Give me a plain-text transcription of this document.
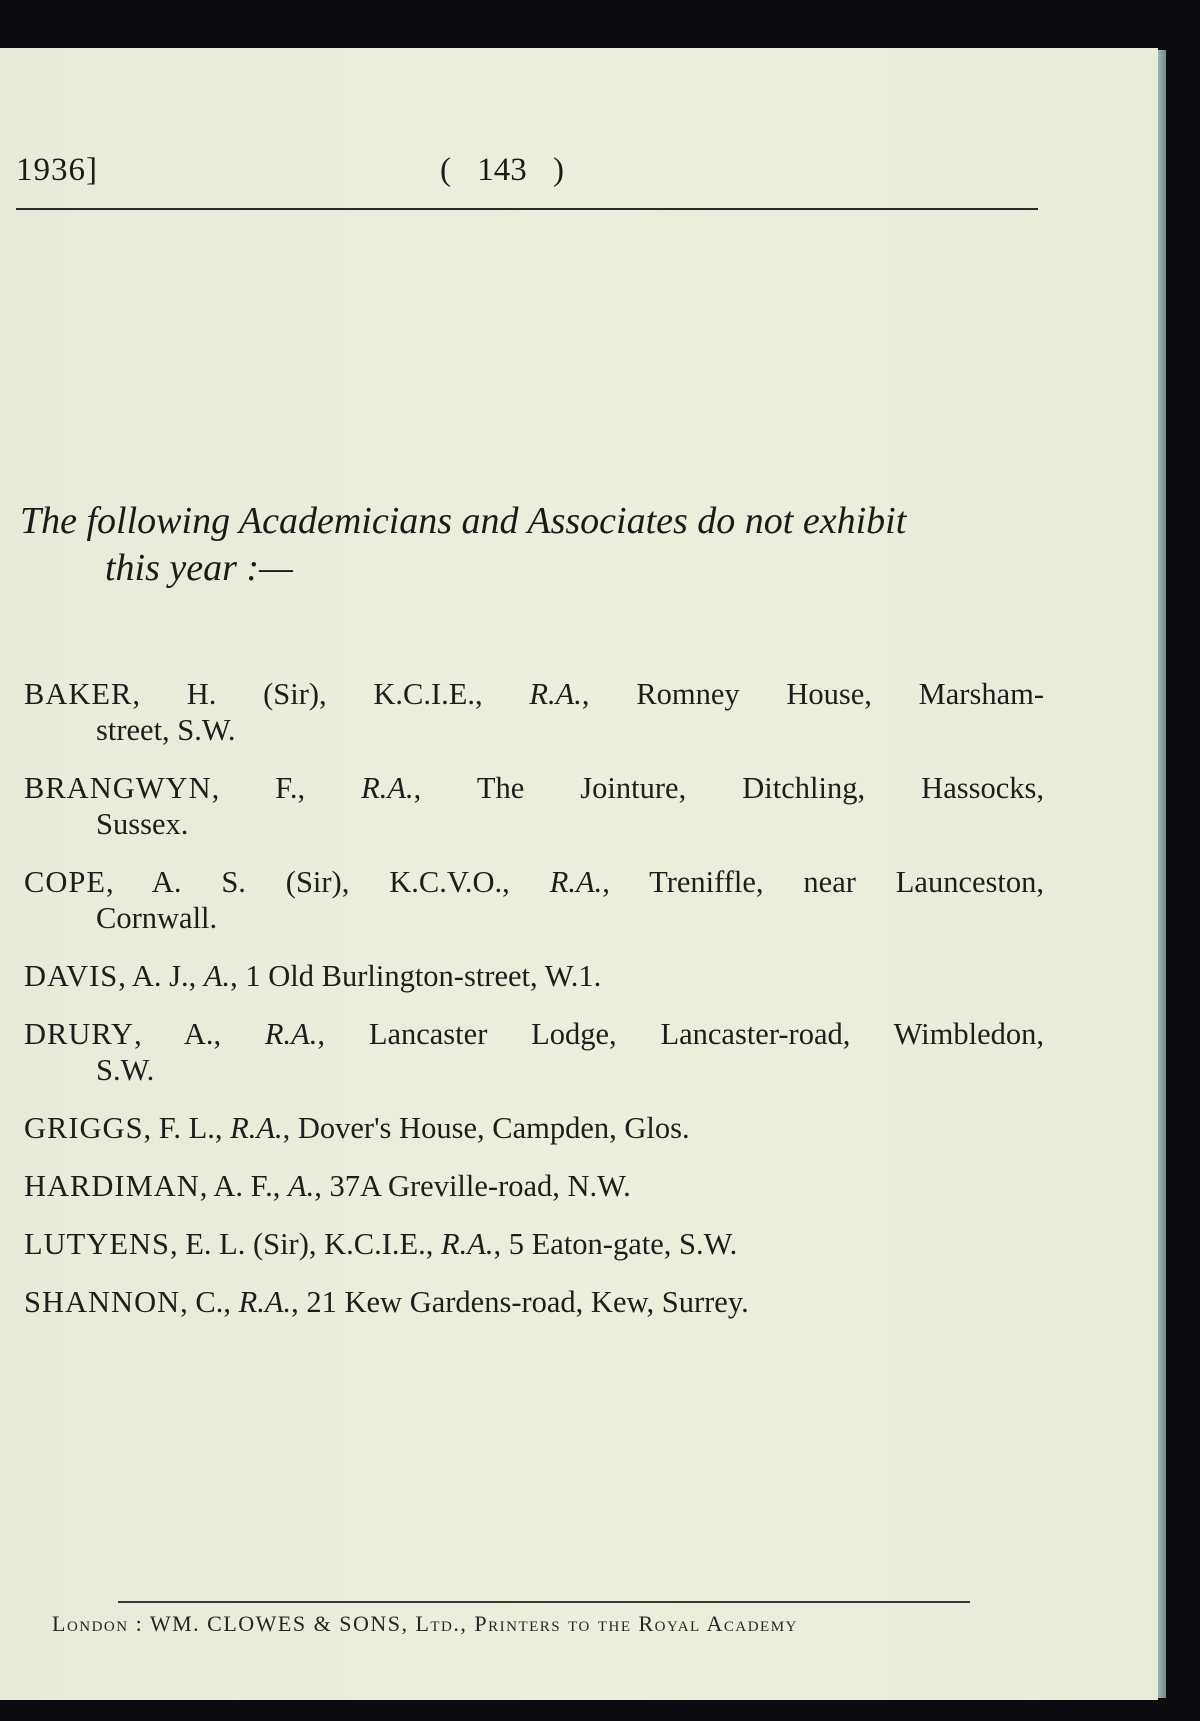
1936]	( 143 )
The following Academicians and Associates do not exhibit
this year :—
BAKER, H. (Sir), K.C.I.E., R.A., Romney House, Marsham-
street, S.W.
BRANGWYN, F., R.A., The Jointure, Ditchling, Hassocks,
Sussex.
COPE, A. S. (Sir), K.C.V.O., R.A., Treniffle, near Launceston,
Cornwall.
DAVIS, A. J., A., 1 Old Burlington-street, W.1.
DRURY, A., R.A., Lancaster Lodge, Lancaster-road, Wimbledon,
S.W.
GRIGGS, F. L., R.A., Dover's House, Campden, Glos.
HARDIMAN, A. F., A., 37A Greville-road, N.W.
LUTYENS, E. L. (Sir), K.C.I.E., R.A., 5 Eaton-gate, S.W.
SHANNON, C., R.A., 21 Kew Gardens-road, Kew, Surrey.
London : WM. CLOWES & SONS, Ltd., Printers to the Royal Academy
